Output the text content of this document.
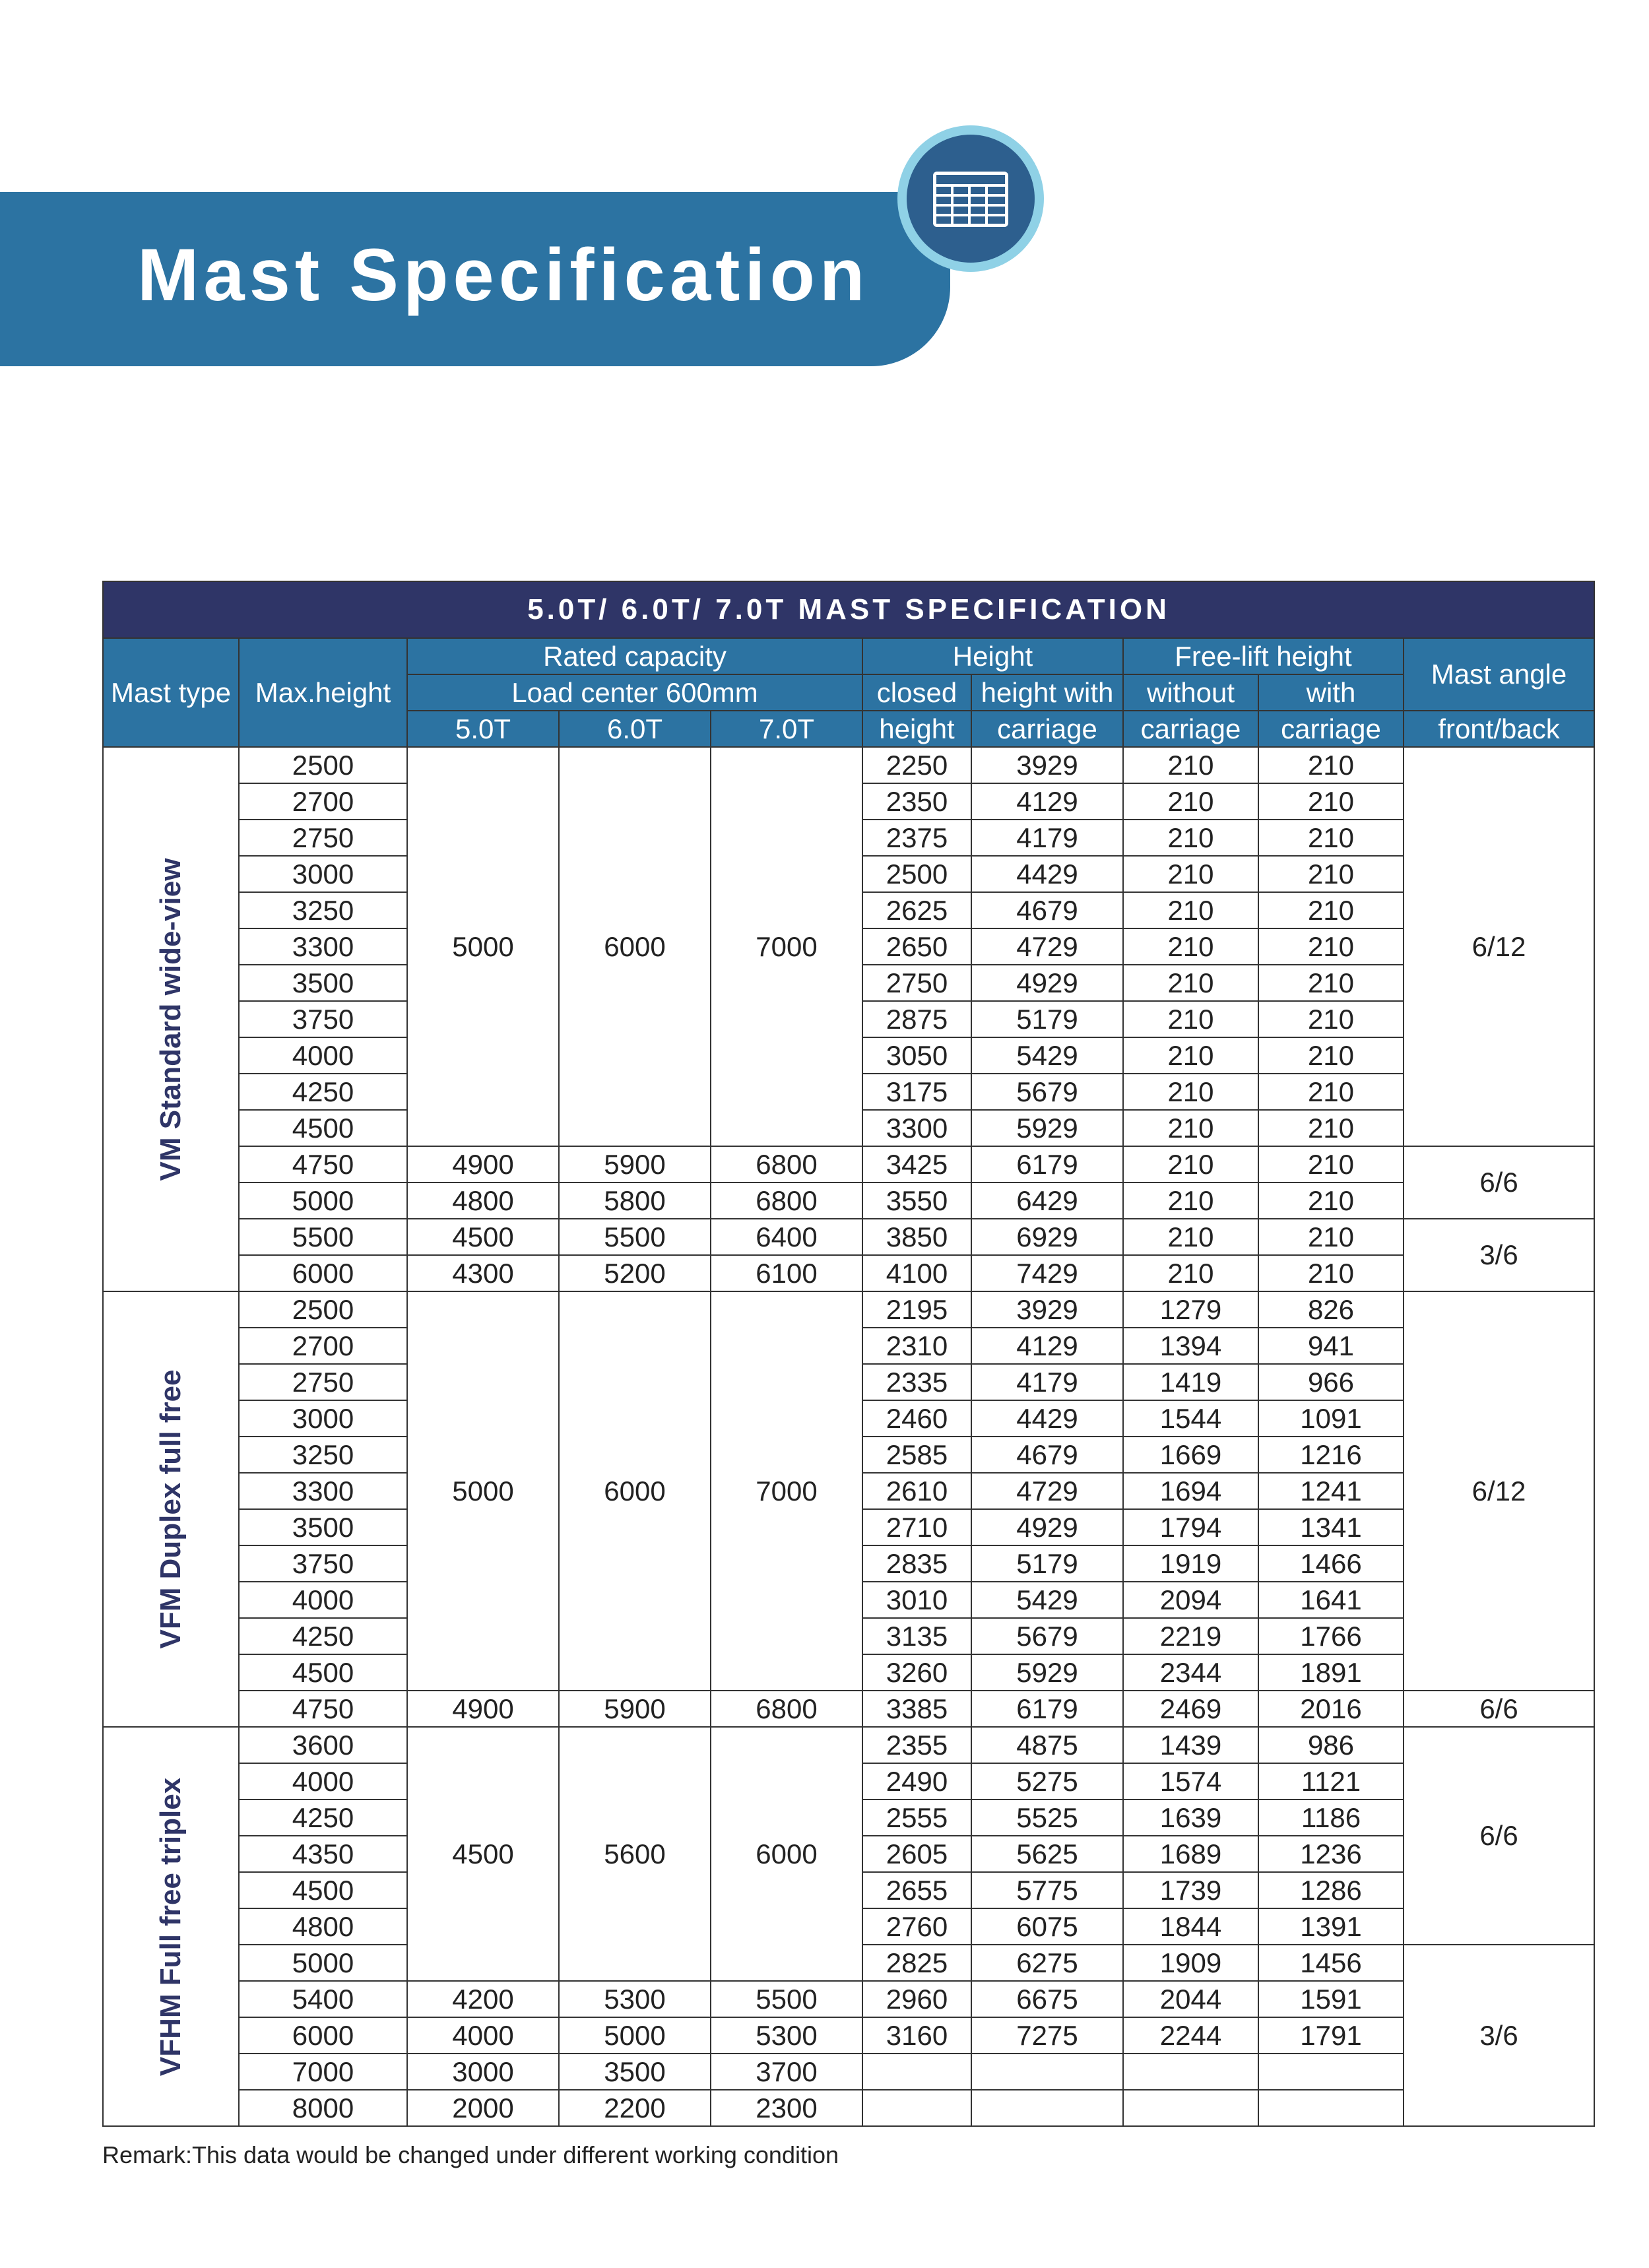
Mast Specification
5.0T/ 6.0T/ 7.0T MAST SPECIFICATION									
Mast type	Max.height	Rated capacity			Height		Free-lift height		Mast angle
		Load center 600mm			closed	height with	without	with	
		5.0T	6.0T	7.0T	height	carriage	carriage	carriage	front/back

VM Standard wide-view	2500	5000	6000	7000	2250	3929	210	210	6/12
	2700				2350	4129	210	210	
	2750				2375	4179	210	210	
	3000				2500	4429	210	210	
	3250				2625	4679	210	210	
	3300				2650	4729	210	210	
	3500				2750	4929	210	210	
	3750				2875	5179	210	210	
	4000				3050	5429	210	210	
	4250				3175	5679	210	210	
	4500				3300	5929	210	210	
	4750	4900	5900	6800	3425	6179	210	210	6/6
	5000	4800	5800	6800	3550	6429	210	210	
	5500	4500	5500	6400	3850	6929	210	210	3/6
	6000	4300	5200	6100	4100	7429	210	210	

VFM Duplex full free	2500	5000	6000	7000	2195	3929	1279	826	6/12
	2700				2310	4129	1394	941	
	2750				2335	4179	1419	966	
	3000				2460	4429	1544	1091	
	3250				2585	4679	1669	1216	
	3300				2610	4729	1694	1241	
	3500				2710	4929	1794	1341	
	3750				2835	5179	1919	1466	
	4000				3010	5429	2094	1641	
	4250				3135	5679	2219	1766	
	4500				3260	5929	2344	1891	
	4750	4900	5900	6800	3385	6179	2469	2016	6/6

VFHM Full free triplex	3600	4500	5600	6000	2355	4875	1439	986	6/6
	4000				2490	5275	1574	1121	
	4250				2555	5525	1639	1186	
	4350				2605	5625	1689	1236	
	4500				2655	5775	1739	1286	
	4800				2760	6075	1844	1391	
	5000				2825	6275	1909	1456	3/6
	5400	4200	5300	5500	2960	6675	2044	1591	
	6000	4000	5000	5300	3160	7275	2244	1791	
	7000	3000	3500	3700					
	8000	2000	2200	2300					
Remark:This data would be changed under different working condition
